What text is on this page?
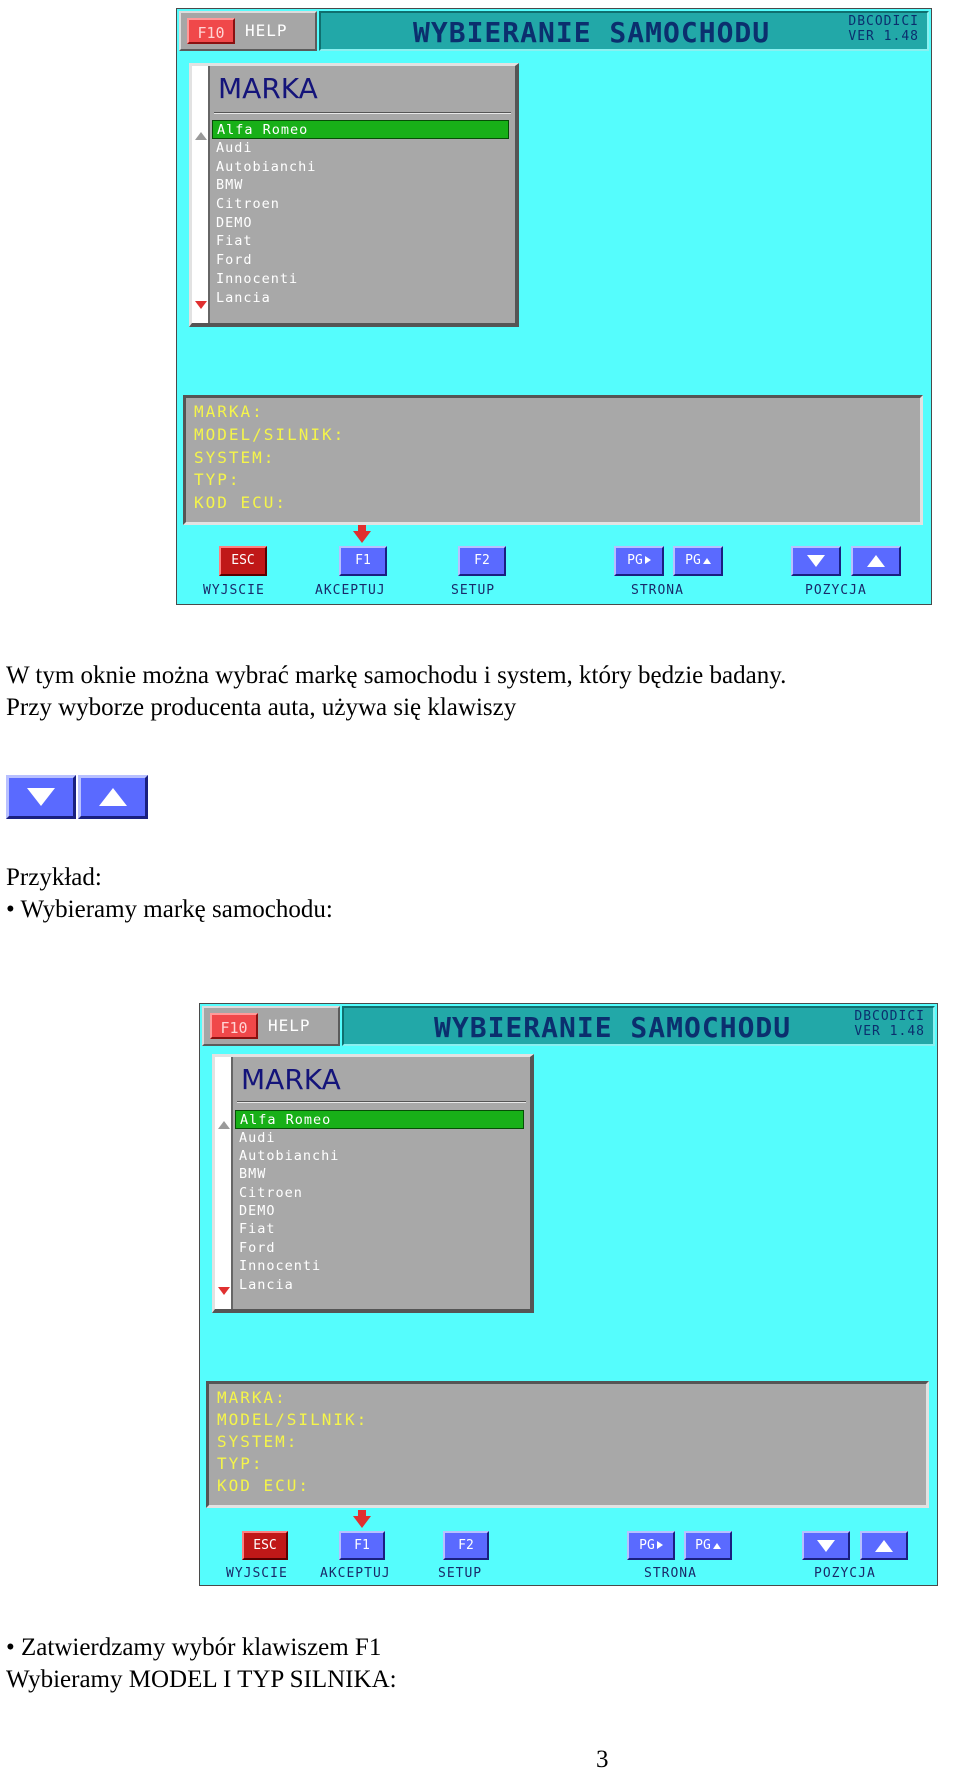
F10	HELP	WYBIERANIE SAMOCHODU	DBCODICI
VER 1.48
MARKA
Alfa Romeo
Audi
Autobianchi
BMW
Citroen
DEMO
Fiat
Ford
Innocenti
Lancia
MARKA:
MODEL/SILNIK:
SYSTEM:
TYP:
KOD ECU:
ESC	F1	F2	PG	PG
WYJSCIE	AKCEPTUJ	SETUP	STRONA	POZYCJA
W tym oknie można wybrać markę samochodu i system, który będzie badany.
Przy wyborze producenta auta, używa się klawiszy
Przykład:
• Wybieramy markę samochodu:
F10	HELP	WYBIERANIE SAMOCHODU	DBCODICI
VER 1.48
MARKA
Alfa Romeo
Audi
Autobianchi
BMW
Citroen
DEMO
Fiat
Ford
Innocenti
Lancia
MARKA:
MODEL/SILNIK:
SYSTEM:
TYP:
KOD ECU:
ESC	F1	F2	PG	PG
WYJSCIE AKCEPTUJ	SETUP	STRONA	POZYCJA
• Zatwierdzamy wybór klawiszem F1
Wybieramy MODEL I TYP SILNIKA:
3
